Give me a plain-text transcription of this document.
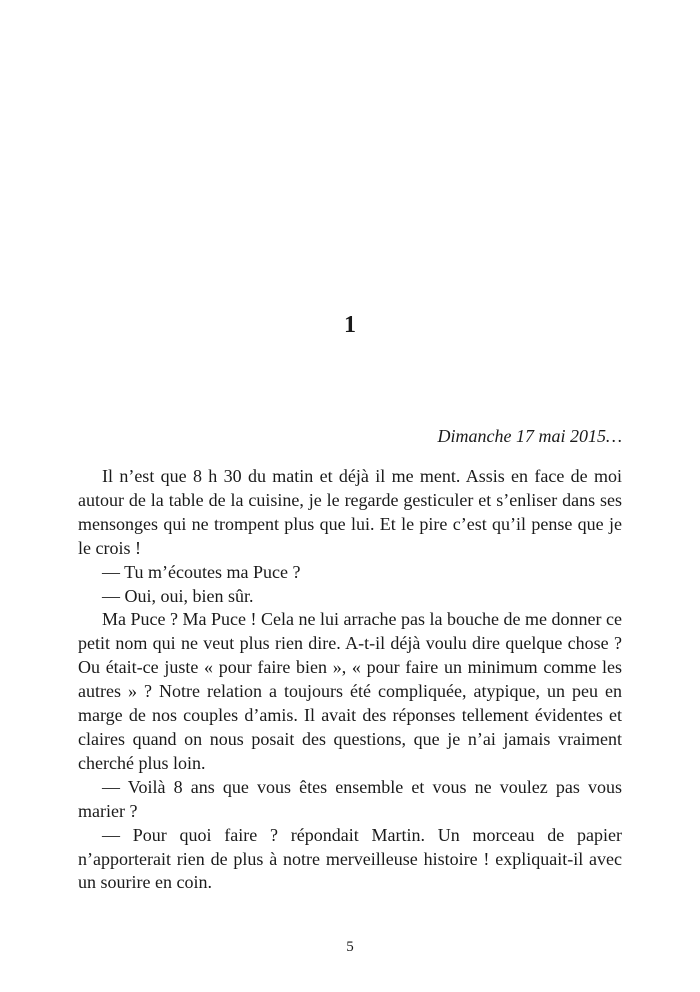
1
Dimanche 17 mai 2015…

Il n’est que 8 h 30 du matin et déjà il me ment. Assis en face de moi autour de la table de la cuisine, je le regarde gesticuler et s’enliser dans ses mensonges qui ne trompent plus que lui. Et le pire c’est qu’il pense que je le crois !

— Tu m’écoutes ma Puce ?

— Oui, oui, bien sûr.

Ma Puce ? Ma Puce ! Cela ne lui arrache pas la bouche de me donner ce petit nom qui ne veut plus rien dire. A-t-il déjà voulu dire quelque chose ? Ou était-ce juste « pour faire bien », « pour faire un minimum comme les autres » ? Notre relation a toujours été compliquée, atypique, un peu en marge de nos couples d’amis. Il avait des réponses tellement évidentes et claires quand on nous posait des questions, que je n’ai jamais vraiment cherché plus loin.

— Voilà 8 ans que vous êtes ensemble et vous ne voulez pas vous marier ?

— Pour quoi faire ? répondait Martin. Un morceau de papier n’apporterait rien de plus à notre merveilleuse histoire ! expliquait-il avec un sourire en coin.

5
